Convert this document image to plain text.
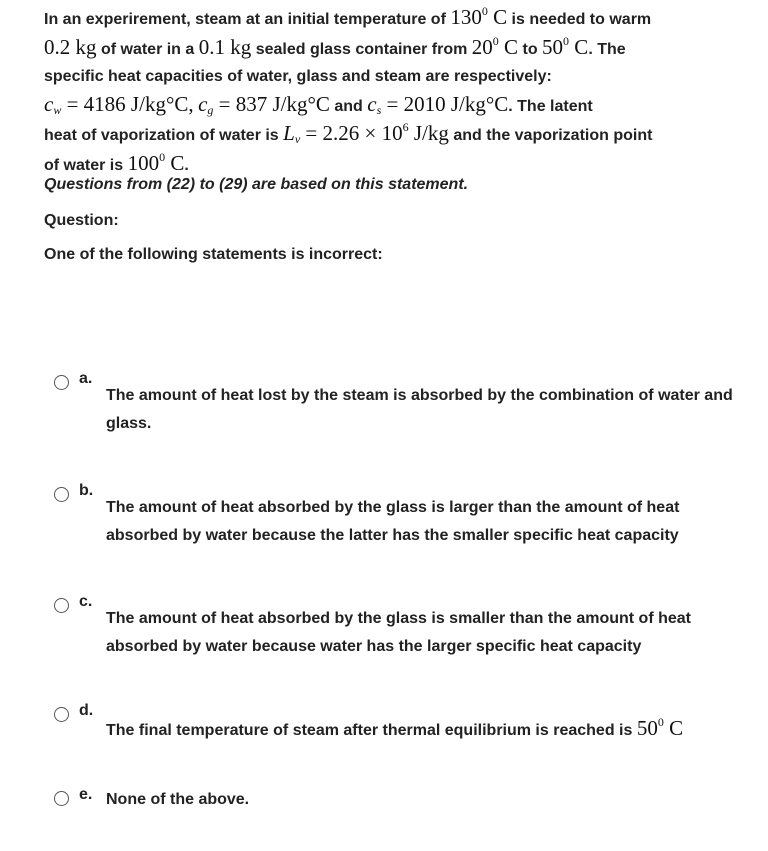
In an experirement, steam at an initial temperature of $130^0$ C is needed to warm
0.2 kg of water in a 0.1 kg sealed glass container from $20^0$ C to $50^0$ C. The
specific heat capacities of water, glass and steam are respectively:
$c_w = 4186$ J/kg°C, $c_g = 837$ J/kg°C and $c_s = 2010$ J/kg°C. The latent
heat of vaporization of water is $L_v = 2.26 \times 10^6$ J/kg and the vaporization point
of water is $100^0$ C.
Questions from (22) to (29) are based on this statement.
Question:
One of the following statements is incorrect:
a.
The amount of heat lost by the steam is absorbed by the combination of water and glass.
b.
The amount of heat absorbed by the glass is larger than the amount of heat absorbed by water because the latter has the smaller specific heat capacity
c.
The amount of heat absorbed by the glass is smaller than the amount of heat absorbed by water because water has the larger specific heat capacity
d.
The final temperature of steam after thermal equilibrium is reached is $50^0$ C
e. None of the above.
